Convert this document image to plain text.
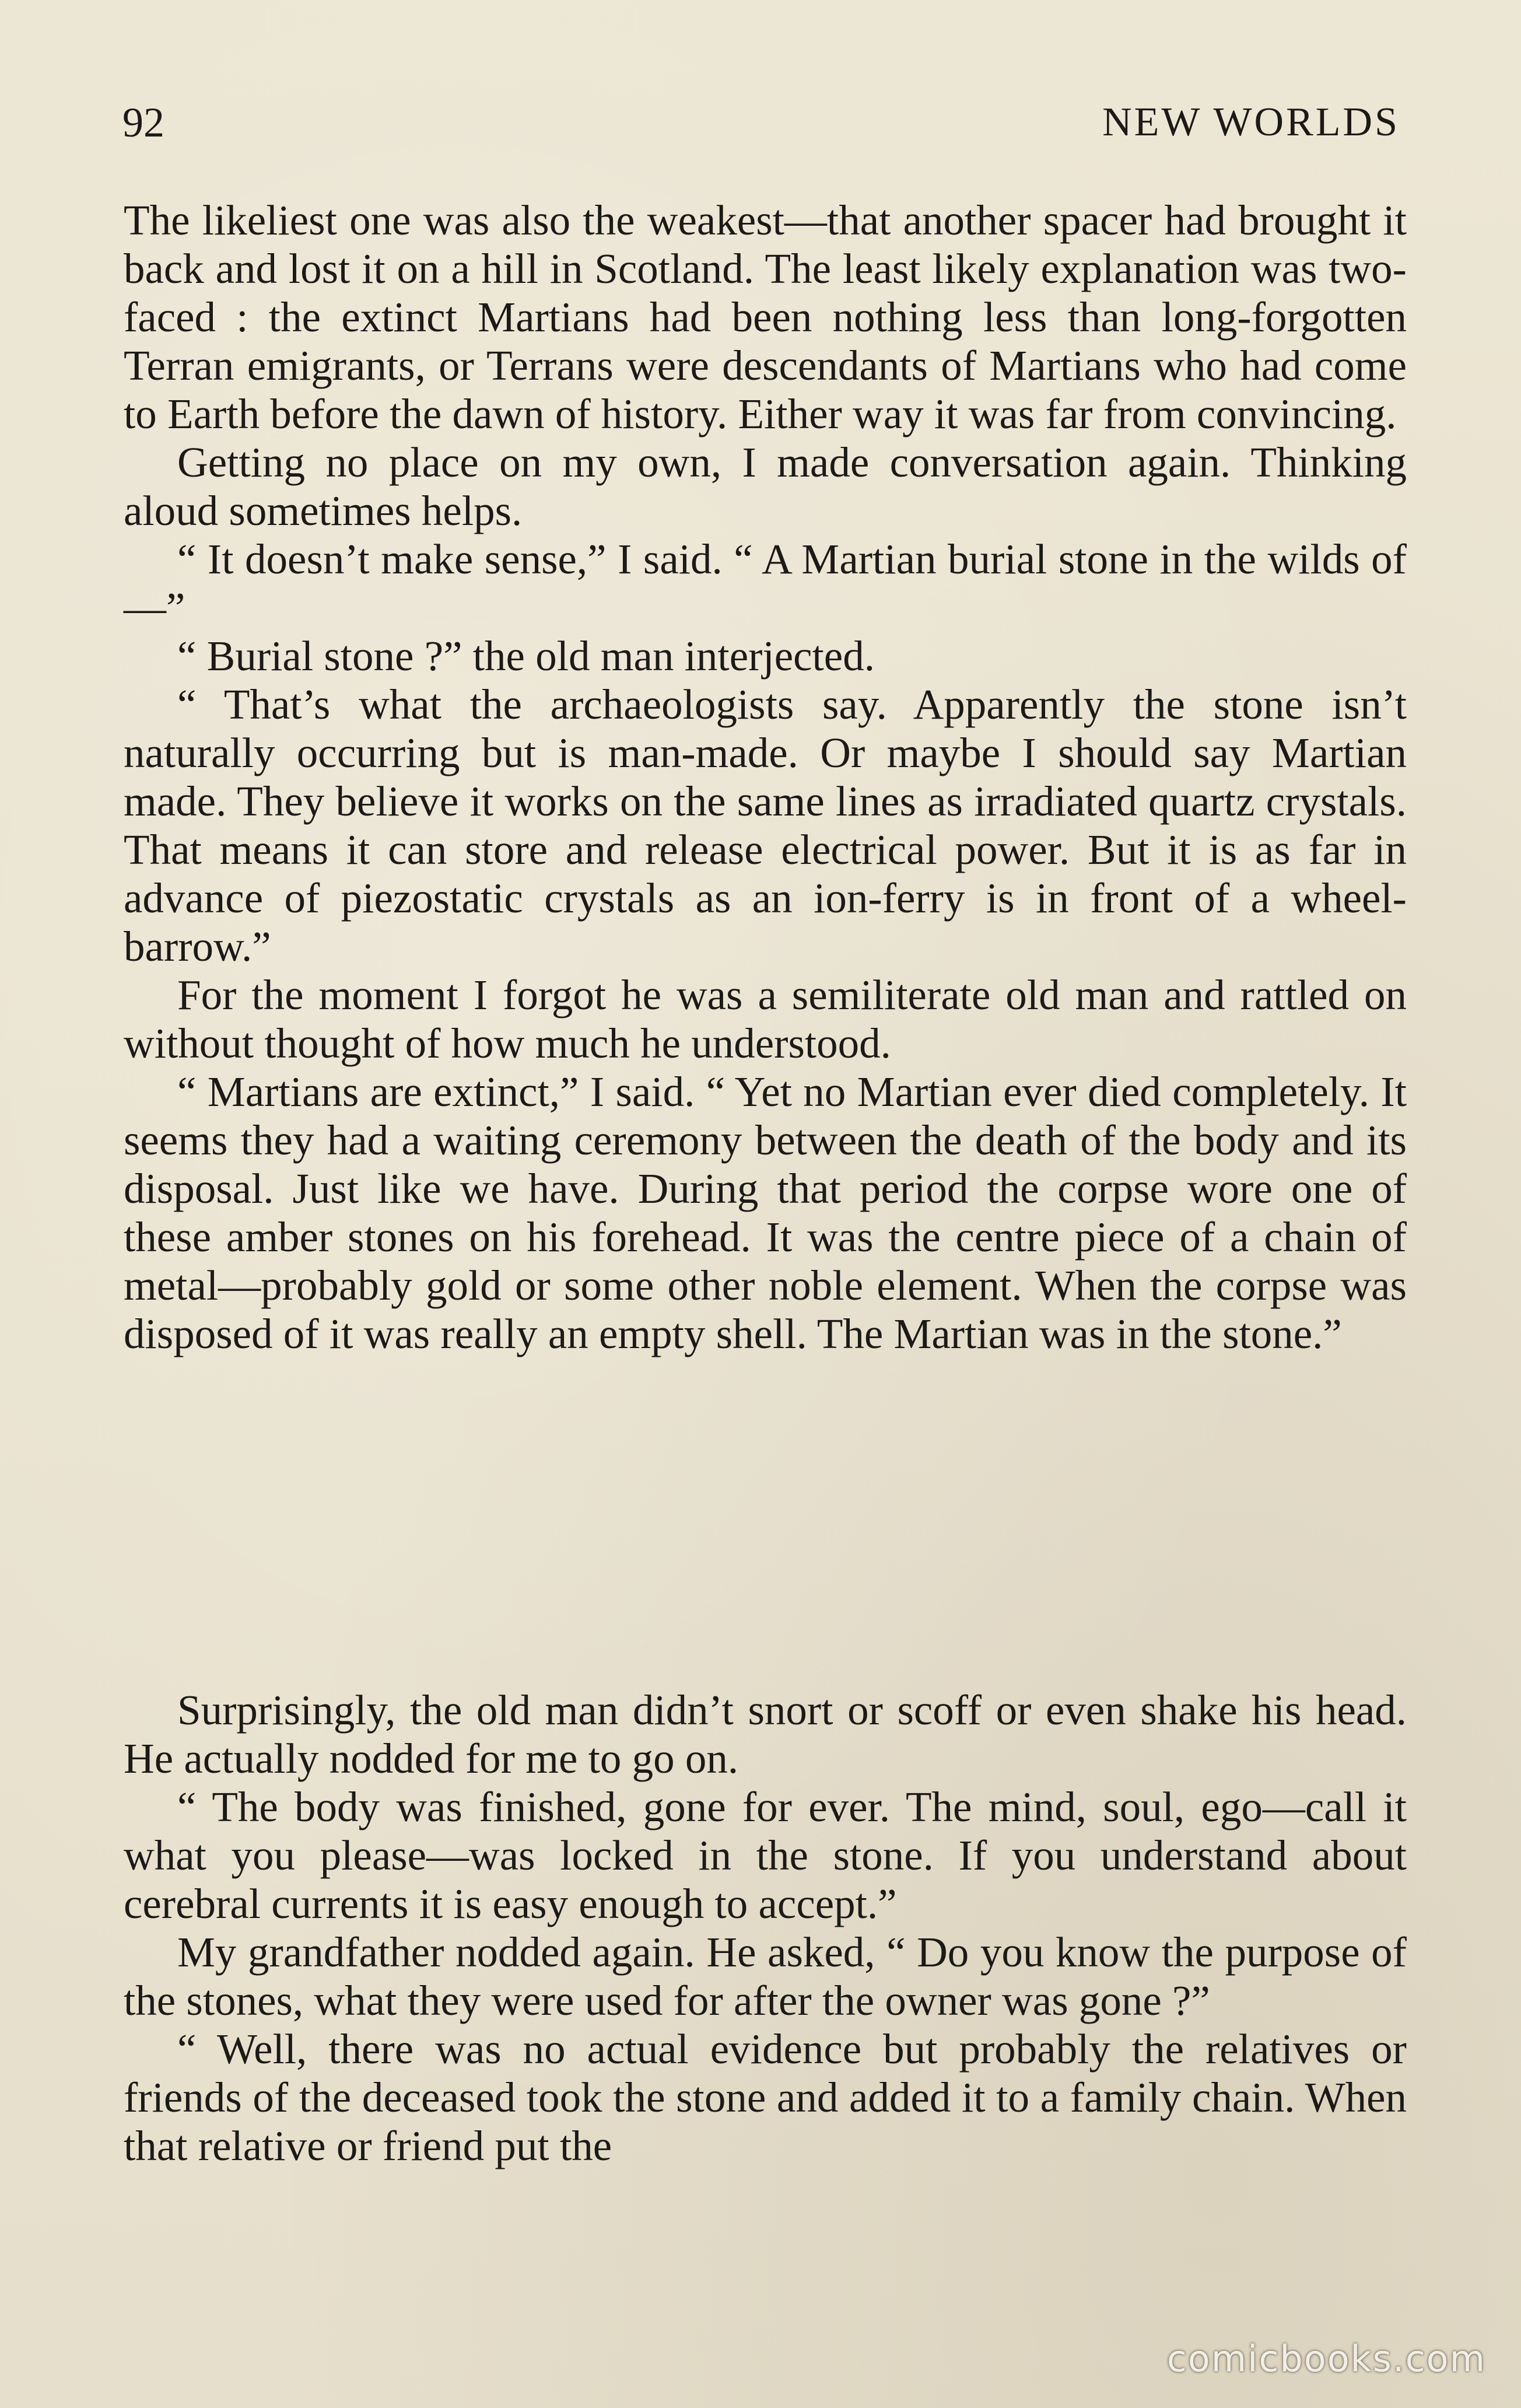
92	NEW WORLDS

The likeliest one was also the weakest—that another spacer had brought it back and lost it on a hill in Scotland. The least likely explanation was two-faced : the extinct Martians had been nothing less than long-forgotten Terran emigrants, or Terrans were descendants of Martians who had come to Earth before the dawn of history. Either way it was far from convincing.

Getting no place on my own, I made conversation again. Thinking aloud sometimes helps.

“ It doesn’t make sense,” I said. “ A Martian burial stone in the wilds of—”

“ Burial stone ?” the old man interjected.

“ That’s what the archaeologists say. Apparently the stone isn’t naturally occurring but is man-made. Or maybe I should say Martian made. They believe it works on the same lines as irradiated quartz crystals. That means it can store and release electrical power. But it is as far in advance of piezostatic crystals as an ion-ferry is in front of a wheel-barrow.”

For the moment I forgot he was a semiliterate old man and rattled on without thought of how much he understood.

“ Martians are extinct,” I said. “ Yet no Martian ever died completely. It seems they had a waiting ceremony between the death of the body and its disposal. Just like we have. During that period the corpse wore one of these amber stones on his forehead. It was the centre piece of a chain of metal—probably gold or some other noble element. When the corpse was disposed of it was really an empty shell. The Martian was in the stone.”

Surprisingly, the old man didn’t snort or scoff or even shake his head. He actually nodded for me to go on.

“ The body was finished, gone for ever. The mind, soul, ego—call it what you please—was locked in the stone. If you understand about cerebral currents it is easy enough to accept.”

My grandfather nodded again. He asked, “ Do you know the purpose of the stones, what they were used for after the owner was gone ?”

“ Well, there was no actual evidence but probably the relatives or friends of the deceased took the stone and added it to a family chain. When that relative or friend put the

comicbooks.com
